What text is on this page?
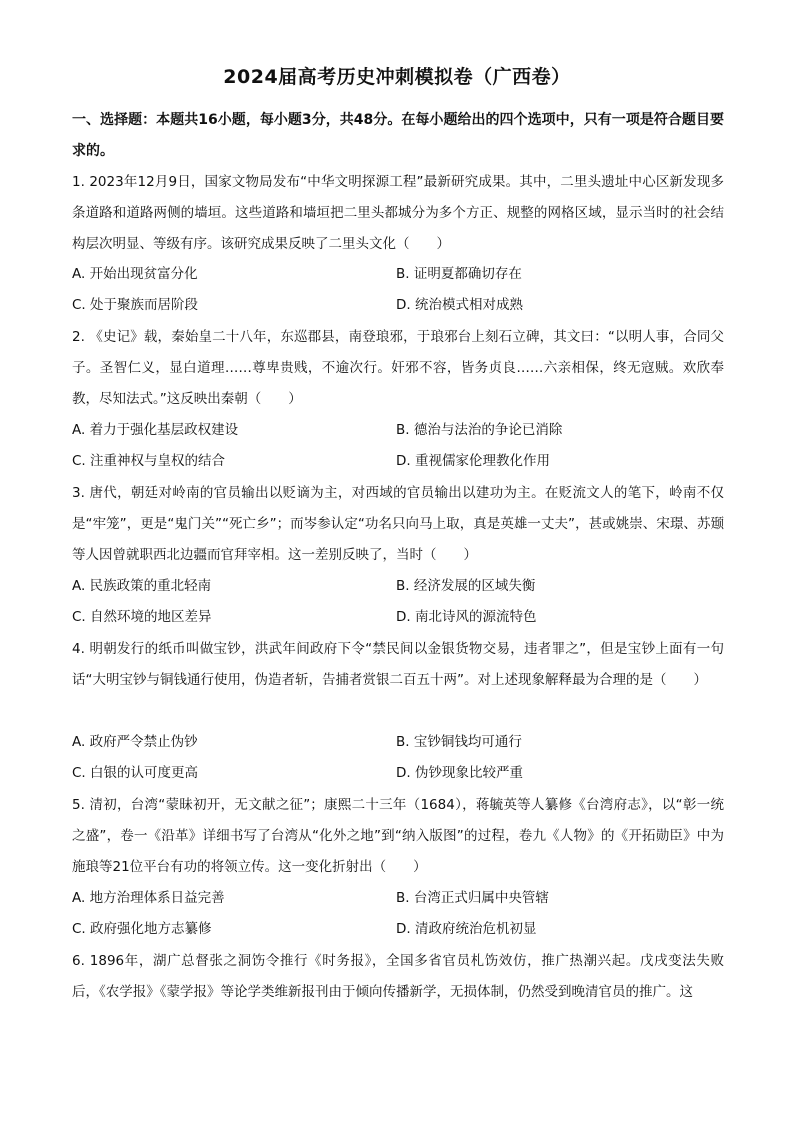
2024届高考历史冲刺模拟卷（广西卷）
一、选择题：本题共16小题，每小题3分，共48分。在每小题给出的四个选项中，只有一项是符合题目要求的。
1. 2023年12月9日，国家文物局发布“中华文明探源工程”最新研究成果。其中，二里头遗址中心区新发现多条道路和道路两侧的墙垣。这些道路和墙垣把二里头都城分为多个方正、规整的网格区域，显示当时的社会结构层次明显、等级有序。该研究成果反映了二里头文化（　　）
A. 开始出现贫富分化	B. 证明夏都确切存在
C. 处于聚族而居阶段	D. 统治模式相对成熟
2. 《史记》载，秦始皇二十八年，东巡郡县，南登琅邪，于琅邪台上刻石立碑，其文曰：“以明人事，合同父子。圣智仁义，显白道理……尊卑贵贱，不逾次行。奸邪不容，皆务贞良……六亲相保，终无寇贼。欢欣奉教，尽知法式。”这反映出秦朝（　　）
A. 着力于强化基层政权建设	B. 德治与法治的争论已消除
C. 注重神权与皇权的结合	D. 重视儒家伦理教化作用
3. 唐代，朝廷对岭南的官员输出以贬谪为主，对西域的官员输出以建功为主。在贬流文人的笔下，岭南不仅是“牢笼”，更是“鬼门关”“死亡乡”；而岑参认定“功名只向马上取，真是英雄一丈夫”，甚或姚崇、宋璟、苏颋等人因曾就职西北边疆而官拜宰相。这一差别反映了，当时（　　）
A. 民族政策的重北轻南	B. 经济发展的区域失衡
C. 自然环境的地区差异	D. 南北诗风的源流特色
4. 明朝发行的纸币叫做宝钞，洪武年间政府下令“禁民间以金银货物交易，违者罪之”，但是宝钞上面有一句话“大明宝钞与铜钱通行使用，伪造者斩，告捕者赏银二百五十两”。对上述现象解释最为合理的是（　　）
A. 政府严令禁止伪钞	B. 宝钞铜钱均可通行
C. 白银的认可度更高	D. 伪钞现象比较严重
5. 清初，台湾“蒙昧初开，无文献之征”；康熙二十三年（1684），蒋毓英等人纂修《台湾府志》，以“彰一统之盛”，卷一《沿革》详细书写了台湾从“化外之地”到“纳入版图”的过程，卷九《人物》的《开拓勋臣》中为施琅等21位平台有功的将领立传。这一变化折射出（　　）
A. 地方治理体系日益完善	B. 台湾正式归属中央管辖
C. 政府强化地方志纂修	D. 清政府统治危机初显
6. 1896年，湖广总督张之洞饬令推行《时务报》，全国多省官员札饬效仿，推广热潮兴起。戊戌变法失败后，《农学报》《蒙学报》等论学类维新报刊由于倾向传播新学，无损体制，仍然受到晚清官员的推广。这
